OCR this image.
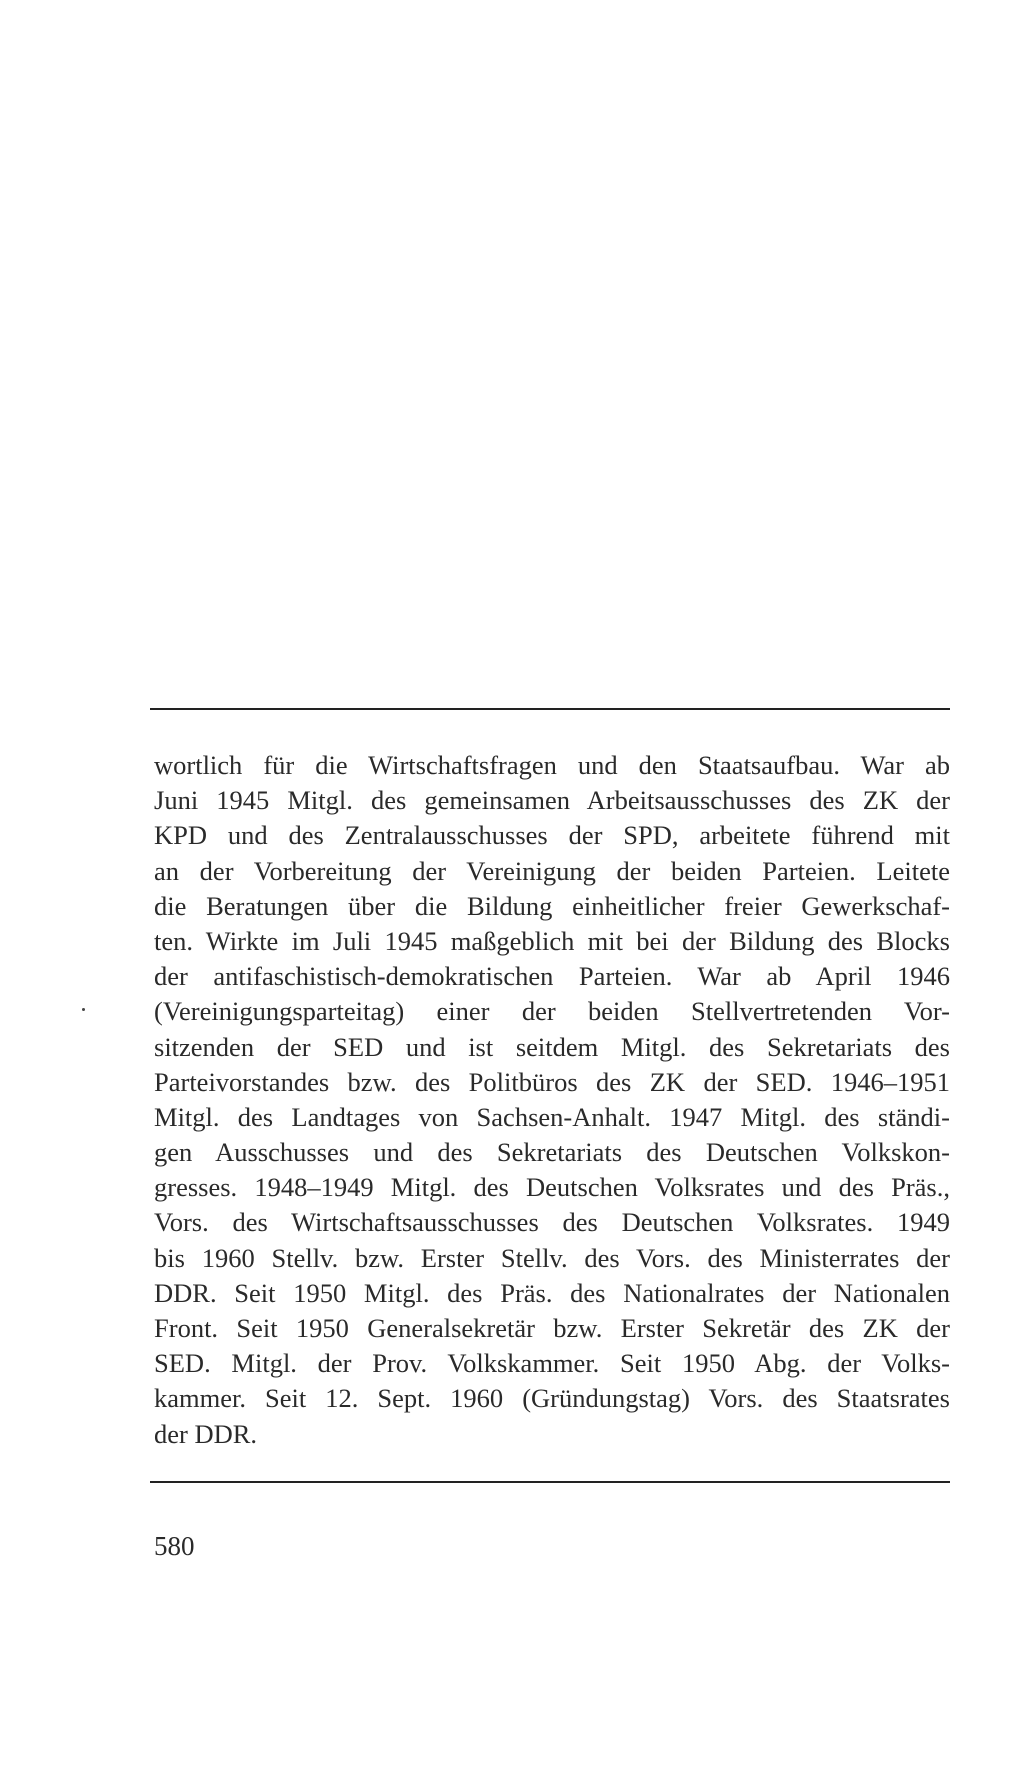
wortlich für die Wirtschaftsfragen und den Staatsaufbau. War ab
Juni 1945 Mitgl. des gemeinsamen Arbeitsausschusses des ZK der
KPD und des Zentralausschusses der SPD, arbeitete führend mit
an der Vorbereitung der Vereinigung der beiden Parteien. Leitete
die Beratungen über die Bildung einheitlicher freier Gewerkschaf-
ten. Wirkte im Juli 1945 maßgeblich mit bei der Bildung des Blocks
der antifaschistisch-demokratischen Parteien. War ab April 1946
(Vereinigungsparteitag) einer der beiden Stellvertretenden Vor-
sitzenden der SED und ist seitdem Mitgl. des Sekretariats des
Parteivorstandes bzw. des Politbüros des ZK der SED. 1946–1951
Mitgl. des Landtages von Sachsen-Anhalt. 1947 Mitgl. des ständi-
gen Ausschusses und des Sekretariats des Deutschen Volkskon-
gresses. 1948–1949 Mitgl. des Deutschen Volksrates und des Präs.,
Vors. des Wirtschaftsausschusses des Deutschen Volksrates. 1949
bis 1960 Stellv. bzw. Erster Stellv. des Vors. des Ministerrates der
DDR. Seit 1950 Mitgl. des Präs. des Nationalrates der Nationalen
Front. Seit 1950 Generalsekretär bzw. Erster Sekretär des ZK der
SED. Mitgl. der Prov. Volkskammer. Seit 1950 Abg. der Volks-
kammer. Seit 12. Sept. 1960 (Gründungstag) Vors. des Staatsrates
der DDR.
580
